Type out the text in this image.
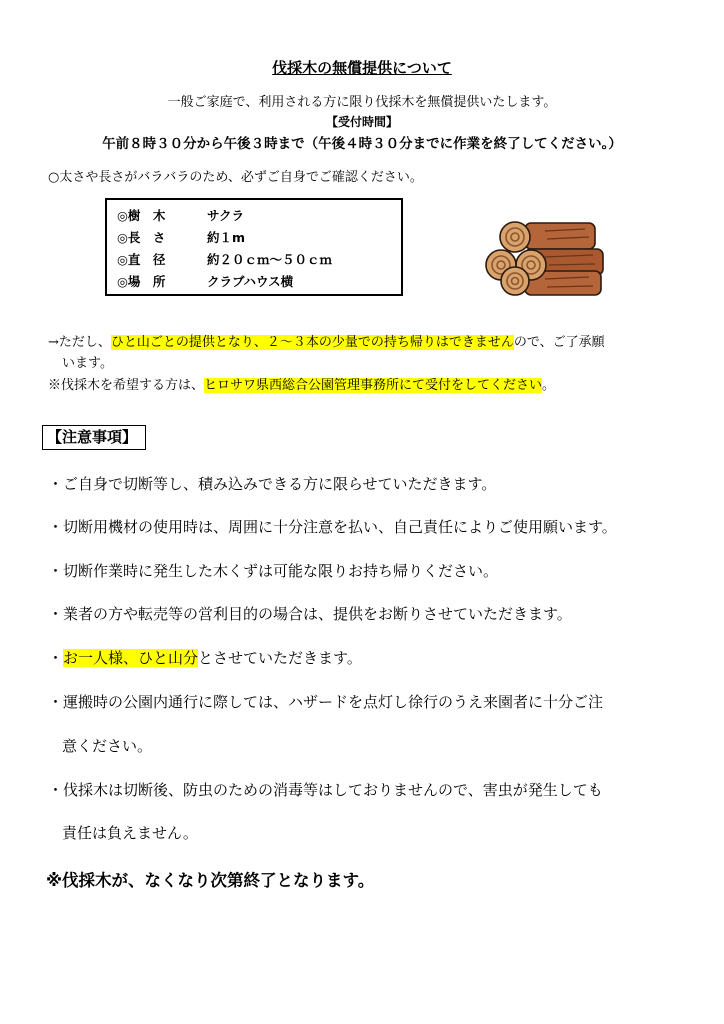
伐採木の無償提供について
一般ご家庭で、利用される方に限り伐採木を無償提供いたします。
【受付時間】
午前８時３０分から午後３時まで（午後４時３０分までに作業を終了してください。）
○太さや長さがバラバラのため、必ずご自身でご確認ください。
◎樹　木	サクラ
◎長　さ	約１m
◎直　径	約２０ｃｍ～５０ｃｍ
◎場　所	クラブハウス横
→ただし、ひと山ごとの提供となり、２～３本の少量での持ち帰りはできませんので、ご了承願
います。
※伐採木を希望する方は、ヒロサワ県西総合公園管理事務所にて受付をしてください。
【注意事項】
・ご自身で切断等し、積み込みできる方に限らせていただきます。
・切断用機材の使用時は、周囲に十分注意を払い、自己責任によりご使用願います。
・切断作業時に発生した木くずは可能な限りお持ち帰りください。
・業者の方や転売等の営利目的の場合は、提供をお断りさせていただきます。
・お一人様、ひと山分とさせていただきます。
・運搬時の公園内通行に際しては、ハザードを点灯し徐行のうえ来園者に十分ご注
意ください。
・伐採木は切断後、防虫のための消毒等はしておりませんので、害虫が発生しても
責任は負えません。
※伐採木が、なくなり次第終了となります。
